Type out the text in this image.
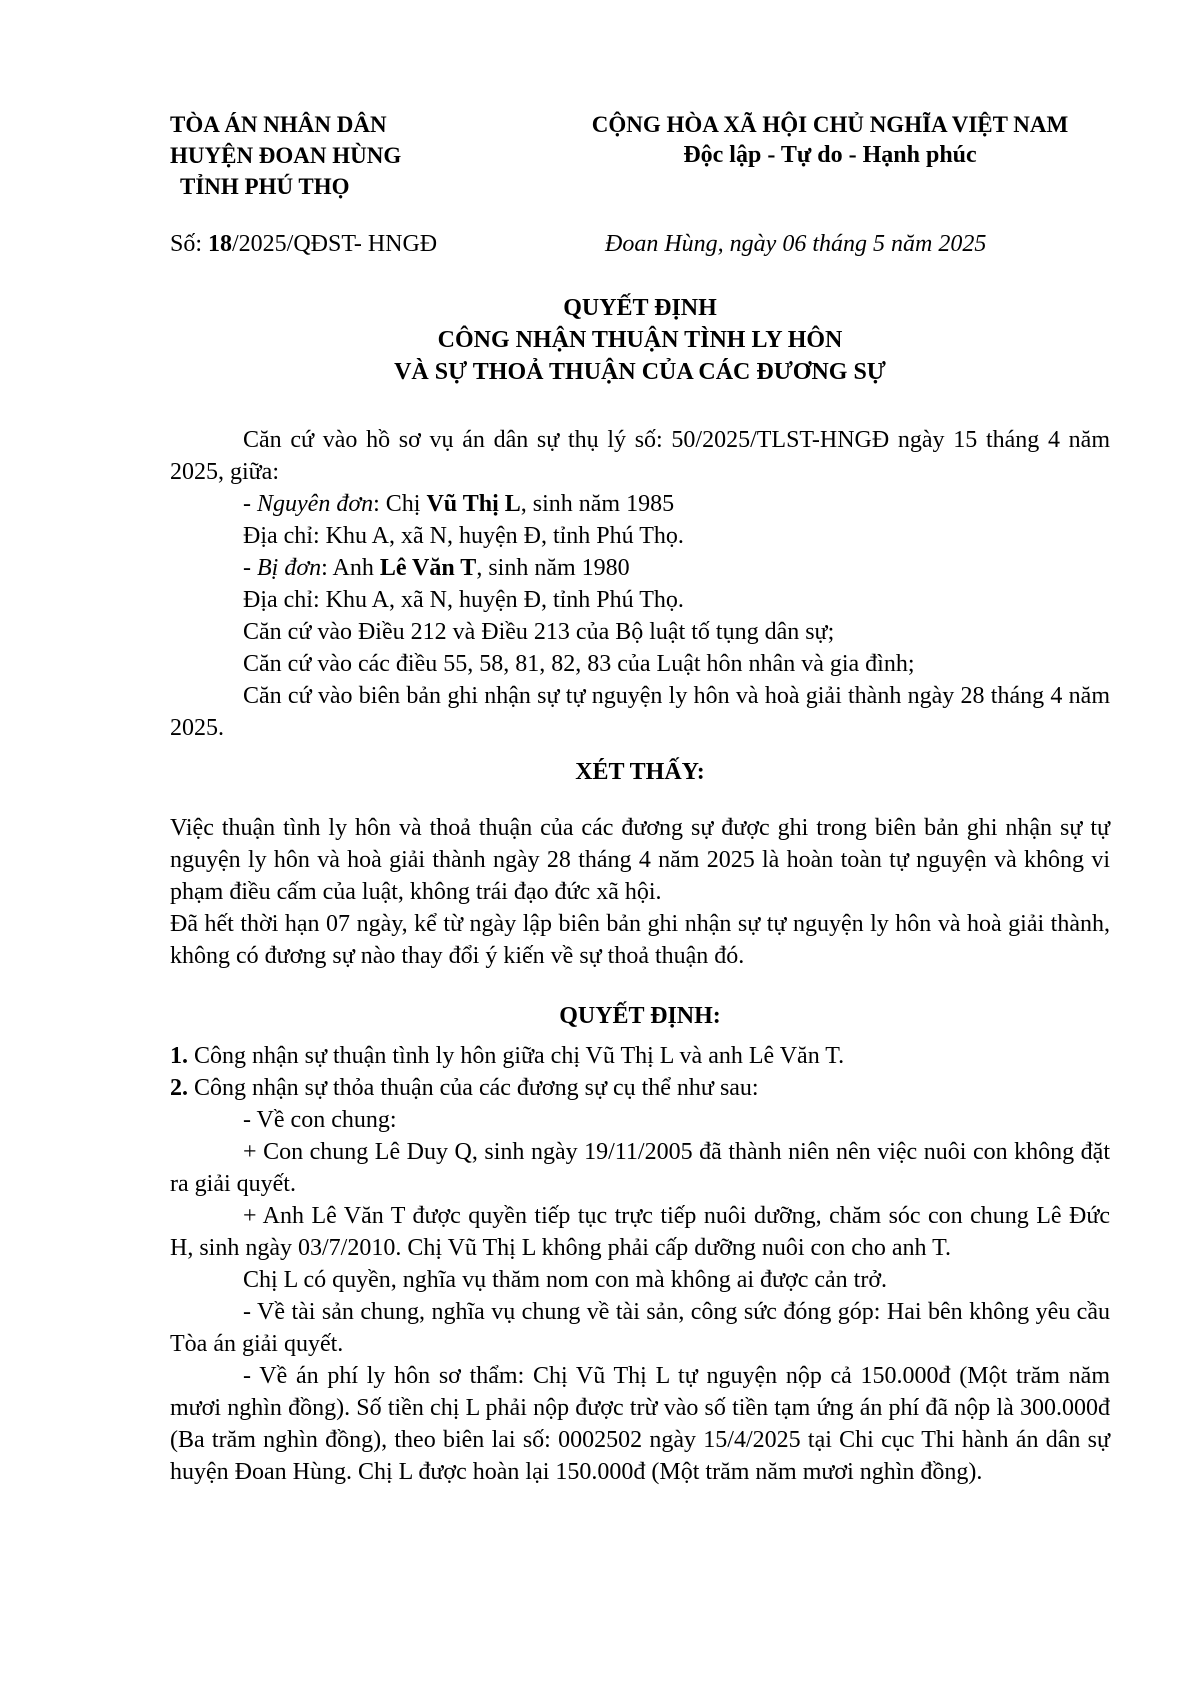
TÒA ÁN NHÂN DÂN
HUYỆN ĐOAN HÙNG
TỈNH PHÚ THỌ
CỘNG HÒA XÃ HỘI CHỦ NGHĨA VIỆT NAM
Độc lập - Tự do - Hạnh phúc
Số: 18/2025/QĐST- HNGĐ	Đoan Hùng, ngày 06 tháng 5 năm 2025
QUYẾT ĐỊNH
CÔNG NHẬN THUẬN TÌNH LY HÔN
VÀ SỰ THOẢ THUẬN CỦA CÁC ĐƯƠNG SỰ

Căn cứ vào hồ sơ vụ án dân sự thụ lý số: 50/2025/TLST-HNGĐ ngày 15 tháng 4 năm 2025, giữa:

- Nguyên đơn: Chị Vũ Thị L, sinh năm 1985

Địa chỉ: Khu A, xã N, huyện Đ, tỉnh Phú Thọ.

- Bị đơn: Anh Lê Văn T, sinh năm 1980

Địa chỉ: Khu A, xã N, huyện Đ, tỉnh Phú Thọ.

Căn cứ vào Điều 212 và Điều 213 của Bộ luật tố tụng dân sự;

Căn cứ vào các điều 55, 58, 81, 82, 83 của Luật hôn nhân và gia đình;

Căn cứ vào biên bản ghi nhận sự tự nguyện ly hôn và hoà giải thành ngày 28 tháng 4 năm 2025.

XÉT THẤY:

Việc thuận tình ly hôn và thoả thuận của các đương sự được ghi trong biên bản ghi nhận sự tự nguyện ly hôn và hoà giải thành ngày 28 tháng 4 năm 2025 là hoàn toàn tự nguyện và không vi phạm điều cấm của luật, không trái đạo đức xã hội.

Đã hết thời hạn 07 ngày, kể từ ngày lập biên bản ghi nhận sự tự nguyện ly hôn và hoà giải thành, không có đương sự nào thay đổi ý kiến về sự thoả thuận đó.

QUYẾT ĐỊNH:

1. Công nhận sự thuận tình ly hôn giữa chị Vũ Thị L và anh Lê Văn T.

2. Công nhận sự thỏa thuận của các đương sự cụ thể như sau:

- Về con chung:

+ Con chung Lê Duy Q, sinh ngày 19/11/2005 đã thành niên nên việc nuôi con không đặt ra giải quyết.

+ Anh Lê Văn T được quyền tiếp tục trực tiếp nuôi dưỡng, chăm sóc con chung Lê Đức H, sinh ngày 03/7/2010. Chị Vũ Thị L không phải cấp dưỡng nuôi con cho anh T.

Chị L có quyền, nghĩa vụ thăm nom con mà không ai được cản trở.

- Về tài sản chung, nghĩa vụ chung về tài sản, công sức đóng góp: Hai bên không yêu cầu Tòa án giải quyết.

- Về án phí ly hôn sơ thẩm: Chị Vũ Thị L tự nguyện nộp cả 150.000đ (Một trăm năm mươi nghìn đồng). Số tiền chị L phải nộp được trừ vào số tiền tạm ứng án phí đã nộp là 300.000đ (Ba trăm nghìn đồng), theo biên lai số: 0002502 ngày 15/4/2025 tại Chi cục Thi hành án dân sự huyện Đoan Hùng. Chị L được hoàn lại 150.000đ (Một trăm năm mươi nghìn đồng).
